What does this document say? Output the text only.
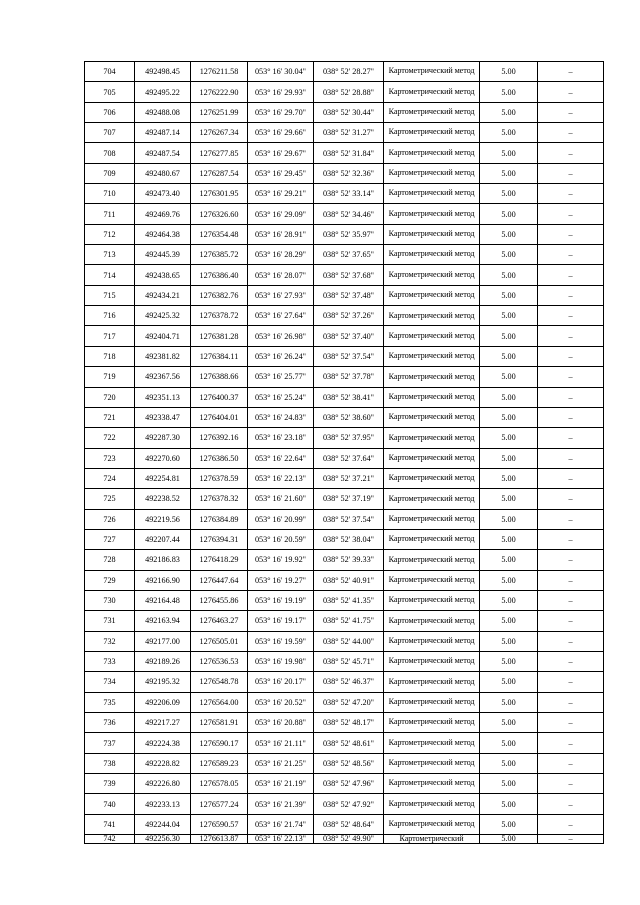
704	492498.45	1276211.58	053° 16' 30.04"	038° 52' 28.27"	Картометрический метод	5.00	–
705	492495.22	1276222.90	053° 16' 29.93"	038° 52' 28.88"	Картометрический метод	5.00	–
706	492488.08	1276251.99	053° 16' 29.70"	038° 52' 30.44"	Картометрический метод	5.00	–
707	492487.14	1276267.34	053° 16' 29.66"	038° 52' 31.27"	Картометрический метод	5.00	–
708	492487.54	1276277.85	053° 16' 29.67"	038° 52' 31.84"	Картометрический метод	5.00	–
709	492480.67	1276287.54	053° 16' 29.45"	038° 52' 32.36"	Картометрический метод	5.00	–
710	492473.40	1276301.95	053° 16' 29.21"	038° 52' 33.14"	Картометрический метод	5.00	–
711	492469.76	1276326.60	053° 16' 29.09"	038° 52' 34.46"	Картометрический метод	5.00	–
712	492464.38	1276354.48	053° 16' 28.91"	038° 52' 35.97"	Картометрический метод	5.00	–
713	492445.39	1276385.72	053° 16' 28.29"	038° 52' 37.65"	Картометрический метод	5.00	–
714	492438.65	1276386.40	053° 16' 28.07"	038° 52' 37.68"	Картометрический метод	5.00	–
715	492434.21	1276382.76	053° 16' 27.93"	038° 52' 37.48"	Картометрический метод	5.00	–
716	492425.32	1276378.72	053° 16' 27.64"	038° 52' 37.26"	Картометрический метод	5.00	–
717	492404.71	1276381.28	053° 16' 26.98"	038° 52' 37.40"	Картометрический метод	5.00	–
718	492381.82	1276384.11	053° 16' 26.24"	038° 52' 37.54"	Картометрический метод	5.00	–
719	492367.56	1276388.66	053° 16' 25.77"	038° 52' 37.78"	Картометрический метод	5.00	–
720	492351.13	1276400.37	053° 16' 25.24"	038° 52' 38.41"	Картометрический метод	5.00	–
721	492338.47	1276404.01	053° 16' 24.83"	038° 52' 38.60"	Картометрический метод	5.00	–
722	492287.30	1276392.16	053° 16' 23.18"	038° 52' 37.95"	Картометрический метод	5.00	–
723	492270.60	1276386.50	053° 16' 22.64"	038° 52' 37.64"	Картометрический метод	5.00	–
724	492254.81	1276378.59	053° 16' 22.13"	038° 52' 37.21"	Картометрический метод	5.00	–
725	492238.52	1276378.32	053° 16' 21.60"	038° 52' 37.19"	Картометрический метод	5.00	–
726	492219.56	1276384.89	053° 16' 20.99"	038° 52' 37.54"	Картометрический метод	5.00	–
727	492207.44	1276394.31	053° 16' 20.59"	038° 52' 38.04"	Картометрический метод	5.00	–
728	492186.83	1276418.29	053° 16' 19.92"	038° 52' 39.33"	Картометрический метод	5.00	–
729	492166.90	1276447.64	053° 16' 19.27"	038° 52' 40.91"	Картометрический метод	5.00	–
730	492164.48	1276455.86	053° 16' 19.19"	038° 52' 41.35"	Картометрический метод	5.00	–
731	492163.94	1276463.27	053° 16' 19.17"	038° 52' 41.75"	Картометрический метод	5.00	–
732	492177.00	1276505.01	053° 16' 19.59"	038° 52' 44.00"	Картометрический метод	5.00	–
733	492189.26	1276536.53	053° 16' 19.98"	038° 52' 45.71"	Картометрический метод	5.00	–
734	492195.32	1276548.78	053° 16' 20.17"	038° 52' 46.37"	Картометрический метод	5.00	–
735	492206.09	1276564.00	053° 16' 20.52"	038° 52' 47.20"	Картометрический метод	5.00	–
736	492217.27	1276581.91	053° 16' 20.88"	038° 52' 48.17"	Картометрический метод	5.00	–
737	492224.38	1276590.17	053° 16' 21.11"	038° 52' 48.61"	Картометрический метод	5.00	–
738	492228.82	1276589.23	053° 16' 21.25"	038° 52' 48.56"	Картометрический метод	5.00	–
739	492226.80	1276578.05	053° 16' 21.19"	038° 52' 47.96"	Картометрический метод	5.00	–
740	492233.13	1276577.24	053° 16' 21.39"	038° 52' 47.92"	Картометрический метод	5.00	–
741	492244.04	1276590.57	053° 16' 21.74"	038° 52' 48.64"	Картометрический метод	5.00	–
742	492256.30	1276613.87	053° 16' 22.13"	038° 52' 49.90"	Картометрический	5.00	–
